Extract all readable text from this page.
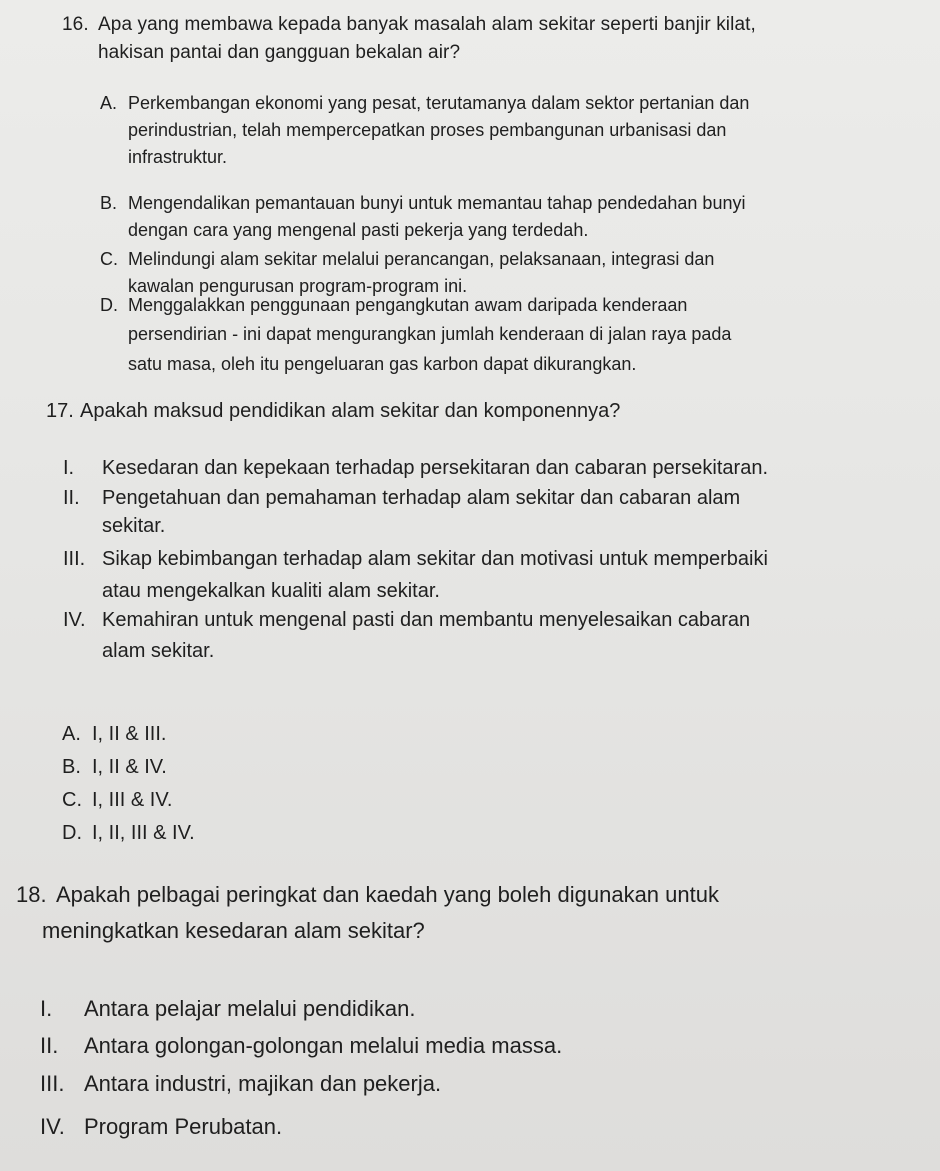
16. Apa yang membawa kepada banyak masalah alam sekitar seperti banjir kilat,
hakisan pantai dan gangguan bekalan air?
A. Perkembangan ekonomi yang pesat, terutamanya dalam sektor pertanian dan
perindustrian, telah mempercepatkan proses pembangunan urbanisasi dan
infrastruktur.
B. Mengendalikan pemantauan bunyi untuk memantau tahap pendedahan bunyi
dengan cara yang mengenal pasti pekerja yang terdedah.
C. Melindungi alam sekitar melalui perancangan, pelaksanaan, integrasi dan
kawalan pengurusan program-program ini.
D. Menggalakkan penggunaan pengangkutan awam daripada kenderaan
persendirian - ini dapat mengurangkan jumlah kenderaan di jalan raya pada
satu masa, oleh itu pengeluaran gas karbon dapat dikurangkan.
17. Apakah maksud pendidikan alam sekitar dan komponennya?
I. Kesedaran dan kepekaan terhadap persekitaran dan cabaran persekitaran.
II. Pengetahuan dan pemahaman terhadap alam sekitar dan cabaran alam
sekitar.
III. Sikap kebimbangan terhadap alam sekitar dan motivasi untuk memperbaiki
atau mengekalkan kualiti alam sekitar.
IV. Kemahiran untuk mengenal pasti dan membantu menyelesaikan cabaran
alam sekitar.
A. I, II & III.
B. I, II & IV.
C. I, III & IV.
D. I, II, III & IV.
18. Apakah pelbagai peringkat dan kaedah yang boleh digunakan untuk
meningkatkan kesedaran alam sekitar?
I. Antara pelajar melalui pendidikan.
II. Antara golongan-golongan melalui media massa.
III. Antara industri, majikan dan pekerja.
IV. Program Perubatan.
